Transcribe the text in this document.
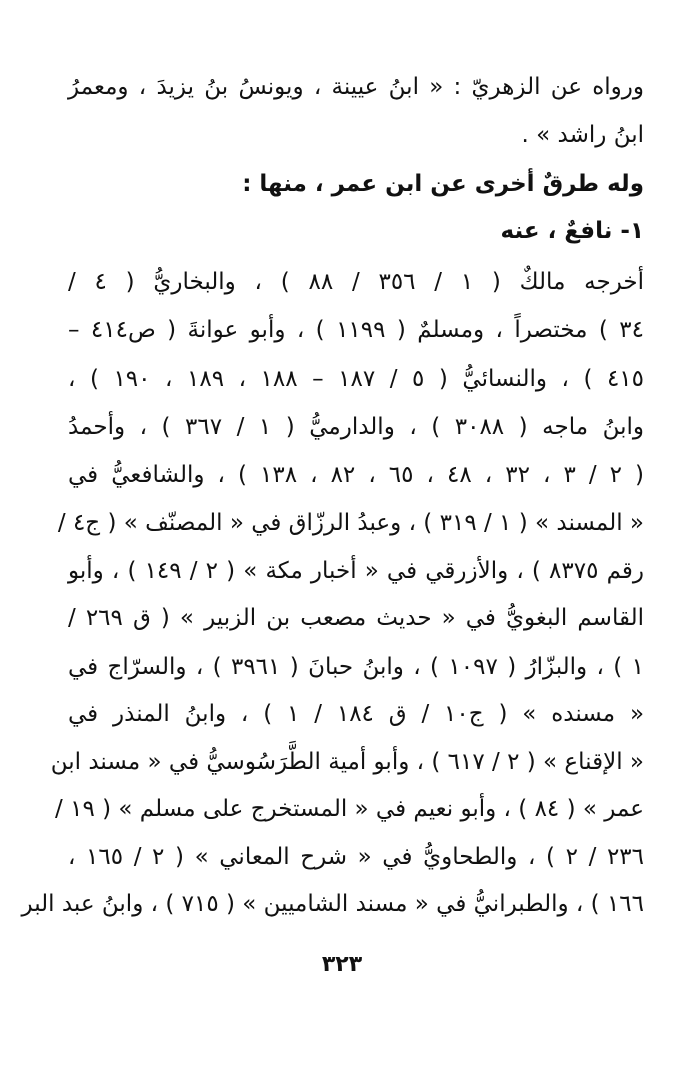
ورواه عن الزهريّ : « ابنُ عيينة ، ويونسُ بنُ يزيدَ ، ومعمرُ
ابنُ راشد » .
وله طرقٌ أخرى عن ابن عمر ، منها :
١- نافعٌ ، عنه
أخرجه مالكٌ ( ١ / ٣٥٦ / ٨٨ ) ، والبخاريُّ ( ٤ /
٣٤ ) مختصراً ، ومسلمٌ ( ١١٩٩ ) ، وأبو عوانةَ ( ص٤١٤ –
٤١٥ ) ، والنسائيُّ ( ٥ / ١٨٧ – ١٨٨ ، ١٨٩ ، ١٩٠ ) ،
وابنُ ماجه ( ٣٠٨٨ ) ، والدارميُّ ( ١ / ٣٦٧ ) ، وأحمدُ
( ٢ / ٣ ، ٣٢ ، ٤٨ ، ٦٥ ، ٨٢ ، ١٣٨ ) ، والشافعيُّ في
« المسند » ( ١ / ٣١٩ ) ، وعبدُ الرزّاق في « المصنّف » ( ج٤ /
رقم ٨٣٧٥ ) ، والأزرقي في « أخبار مكة » ( ٢ / ١٤٩ ) ، وأبو
القاسم البغويُّ في « حديث مصعب بن الزبير » ( ق ٢٦٩ /
١ ) ، والبزّارُ ( ١٠٩٧ ) ، وابنُ حبانَ ( ٣٩٦١ ) ، والسرّاج في
« مسنده » ( ج١٠ / ق ١٨٤ / ١ ) ، وابنُ المنذر في
« الإقناع » ( ٢ / ٦١٧ ) ، وأبو أمية الطَّرَسُوسيُّ في « مسند ابن
عمر » ( ٨٤ ) ، وأبو نعيم في « المستخرج على مسلم » ( ١٩ /
٢٣٦ / ٢ ) ، والطحاويُّ في « شرح المعاني » ( ٢ / ١٦٥ ،
١٦٦ ) ، والطبرانيُّ في « مسند الشاميين » ( ٧١٥ ) ، وابنُ عبد البر
٣٢٣
